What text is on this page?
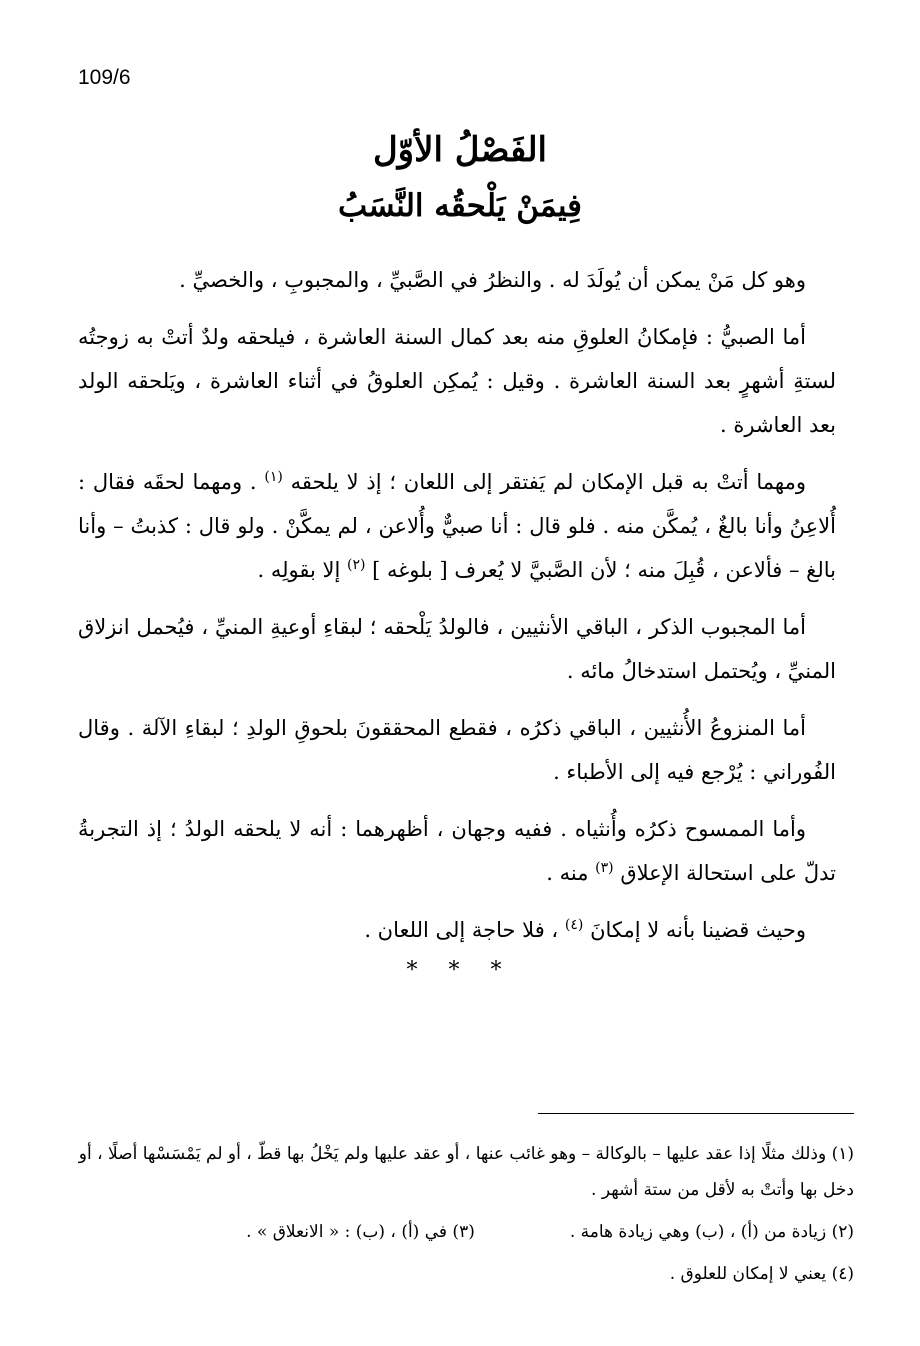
109/6
الفَصْلُ الأوّل
فِيمَنْ يَلْحقُه النَّسَبُ

وهو كل مَنْ يمكن أن يُولَدَ له . والنظرُ في الصَّبيِّ ، والمجبوبِ ، والخصيِّ .

أما الصبيُّ : فإمكانُ العلوقِ منه بعد كمال السنة العاشرة ، فيلحقه ولدٌ أتتْ به زوجتُه لستةِ أشهرٍ بعد السنة العاشرة . وقيل : يُمكِن العلوقُ في أثناء العاشرة ، ويَلحقه الولد بعد العاشرة .

ومهما أتتْ به قبل الإمكان لم يَفتقر إلى اللعان ؛ إذ لا يلحقه $^{(١)}$ . ومهما لحقَه فقال : أُلاعِنُ وأنا بالغٌ ، يُمكَّن منه . فلو قال : أنا صبيٌّ وأُلاعن ، لم يمكَّنْ . ولو قال : كذبتُ – وأنا بالغ – فألاعن ، قُبِلَ منه ؛ لأن الصَّبيَّ لا يُعرف [ بلوغه ] $^{(٢)}$ إلا بقولِه .

أما المجبوب الذكر ، الباقي الأنثيين ، فالولدُ يَلْحقه ؛ لبقاءِ أوعيةِ المنيِّ ، فيُحمل انزلاق المنيِّ ، ويُحتمل استدخالُ مائه .

أما المنزوعُ الأُنثيين ، الباقي ذكرُه ، فقطع المحققونَ بلحوقِ الولدِ ؛ لبقاءِ الآلة . وقال الفُوراني : يُرْجع فيه إلى الأطباء .

وأما الممسوح ذكرُه وأُنثياه . ففيه وجهان ، أظهرهما : أنه لا يلحقه الولدُ ؛ إذ التجربةُ تدلّ على استحالة الإعلاق $^{(٣)}$ منه .

وحيث قضينا بأنه لا إمكانَ $^{(٤)}$ ، فلا حاجة إلى اللعان .

* * *

(١) وذلك مثلًا إذا عقد عليها – بالوكالة – وهو غائب عنها ، أو عقد عليها ولم يَخْلُ بها قطّ ، أو لم يَمْسَسْها أصلًا ، أو دخل بها وأتتْ به لأقل من ستة أشهر .

(٢) زيادة من (أ) ، (ب) وهي زيادة هامة .
(٣) في (أ) ، (ب) : « الانعلاق » .

(٤) يعني لا إمكان للعلوق .
